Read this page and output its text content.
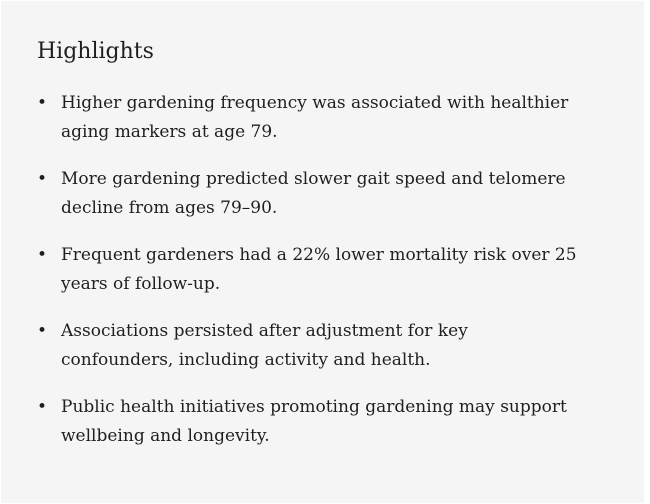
Highlights
• Higher gardening frequency was associated with healthier aging markers at age 79.
• More gardening predicted slower gait speed and telomere decline from ages 79–90.
• Frequent gardeners had a 22% lower mortality risk over 25 years of follow-up.
• Associations persisted after adjustment for key confounders, including activity and health.
• Public health initiatives promoting gardening may support wellbeing and longevity.
